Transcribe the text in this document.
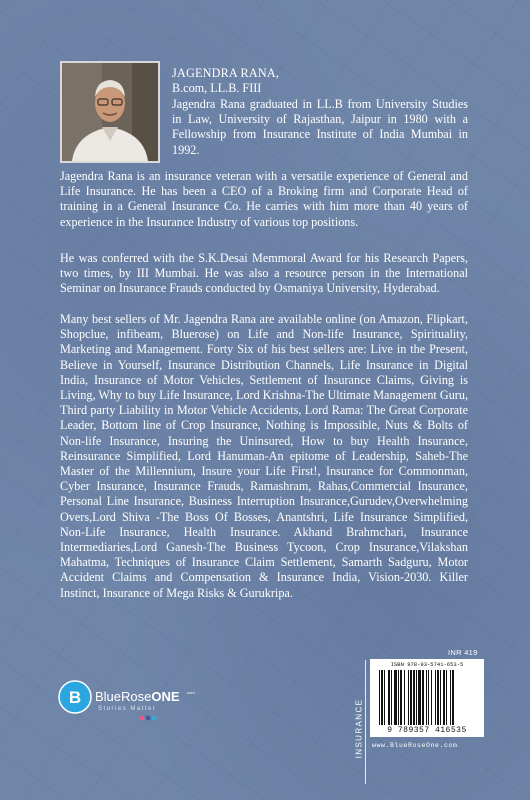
JAGENDRA RANA,
B.com, LL.B. FIII
Jagendra Rana graduated in LL.B from University Studies in Law, University of Rajasthan, Jaipur in 1980 with a Fellowship from Insurance Institute of India Mumbai in 1992.
Jagendra Rana is an insurance veteran with a versatile experience of General and Life Insurance. He has been a CEO of a Broking firm and Corporate Head of training in a General Insurance Co. He carries with him more than 40 years of experience in the Insurance Industry of various top positions.
He was conferred with the S.K.Desai Memmoral Award for his Research Papers, two times, by III Mumbai. He was also a resource person in the International Seminar on Insurance Frauds conducted by Osmaniya University, Hyderabad.
Many best sellers of Mr. Jagendra Rana are available online (on Amazon, Flipkart, Shopclue, infibeam, Bluerose) on Life and Non-life Insurance, Spirituality, Marketing and Management. Forty Six of his best sellers are: Live in the Present, Believe in Yourself, Insurance Distribution Channels, Life Insurance in Digital India, Insurance of Motor Vehicles, Settlement of Insurance Claims, Giving is Living, Why to buy Life Insurance, Lord Krishna-The Ultimate Management Guru, Third party Liability in Motor Vehicle Accidents, Lord Rama: The Great Corporate Leader, Bottom line of Crop Insurance, Nothing is Impossible, Nuts & Bolts of Non-life Insurance, Insuring the Uninsured, How to buy Health Insurance, Reinsurance Simplified, Lord Hanuman-An epitome of Leadership, Saheb-The Master of the Millennium, Insure your Life First!, Insurance for Commonman, Cyber Insurance, Insurance Frauds, Ramashram, Rahas,Commercial Insurance, Personal Line Insurance, Business Interruption Insurance,Gurudev,Overwhelming Overs,Lord Shiva -The Boss Of Bosses, Anantshri, Life Insurance Simplified, Non-Life Insurance, Health Insurance. Akhand Brahmchari, Insurance Intermediaries,Lord Ganesh-The Business Tycoon, Crop Insurance,Vilakshan Mahatma, Techniques of Insurance Claim Settlement, Samarth Sadguru, Motor Accident Claims and Compensation & Insurance India, Vision-2030. Killer Instinct, Insurance of Mega Risks & Gurukripa.
B BlueRoseONE .com
Stories Matter	INSURANCE
INR 419
ISBN 978-93-5741-653-5
9 789357 416535
www.BlueRoseOne.com
